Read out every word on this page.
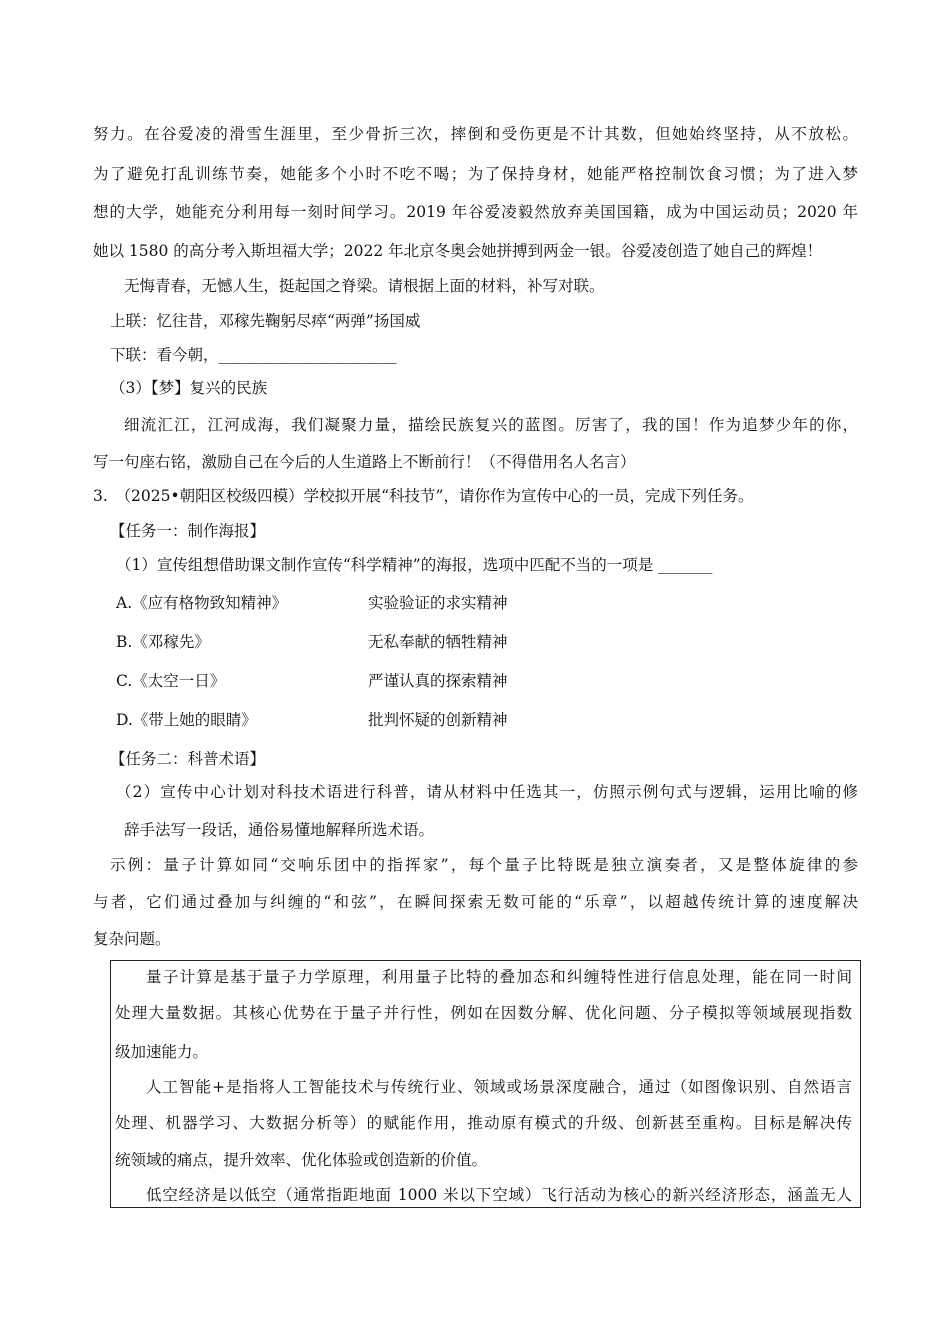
努力。在谷爱凌的滑雪生涯里，至少骨折三次，摔倒和受伤更是不计其数，但她始终坚持，从不放松。
为了避免打乱训练节奏，她能多个小时不吃不喝；为了保持身材，她能严格控制饮食习惯；为了进入梦
想的大学，她能充分利用每一刻时间学习。2019 年谷爱凌毅然放弃美国国籍，成为中国运动员；2020 年
她以 1580 的高分考入斯坦福大学；2022 年北京冬奥会她拼搏到两金一银。谷爱凌创造了她自己的辉煌！
无悔青春，无憾人生，挺起国之脊梁。请根据上面的材料，补写对联。
上联：忆往昔，邓稼先鞠躬尽瘁“两弹”扬国威
下联：看今朝，_______________________
（3）【梦】复兴的民族
细流汇江，江河成海，我们凝聚力量，描绘民族复兴的蓝图。厉害了，我的国！作为追梦少年的你，
写一句座右铭，激励自己在今后的人生道路上不断前行！（不得借用名人名言）
3.　（2025•朝阳区校级四模）学校拟开展“科技节”，请你作为宣传中心的一员，完成下列任务。
【任务一：制作海报】
（1）宣传组想借助课文制作宣传“科学精神”的海报，选项中匹配不当的一项是 _______
A.《应有格物致知精神》	实验验证的求实精神
B.《邓稼先》	无私奉献的牺牲精神
C.《太空一日》	严谨认真的探索精神
D.《带上她的眼睛》	批判怀疑的创新精神
【任务二：科普术语】
（2）宣传中心计划对科技术语进行科普，请从材料中任选其一，仿照示例句式与逻辑，运用比喻的修
辞手法写一段话，通俗易懂地解释所选术语。
示例：量子计算如同“交响乐团中的指挥家”，每个量子比特既是独立演奏者，又是整体旋律的参
与者，它们通过叠加与纠缠的“和弦”，在瞬间探索无数可能的“乐章”，以超越传统计算的速度解决
复杂问题。
量子计算是基于量子力学原理，利用量子比特的叠加态和纠缠特性进行信息处理，能在同一时间
处理大量数据。其核心优势在于量子并行性，例如在因数分解、优化问题、分子模拟等领域展现指数
级加速能力。
人工智能+是指将人工智能技术与传统行业、领域或场景深度融合，通过（如图像识别、自然语言
处理、机器学习、大数据分析等）的赋能作用，推动原有模式的升级、创新甚至重构。目标是解决传
统领域的痛点，提升效率、优化体验或创造新的价值。
低空经济是以低空（通常指距地面 1000 米以下空域）飞行活动为核心的新兴经济形态，涵盖无人
